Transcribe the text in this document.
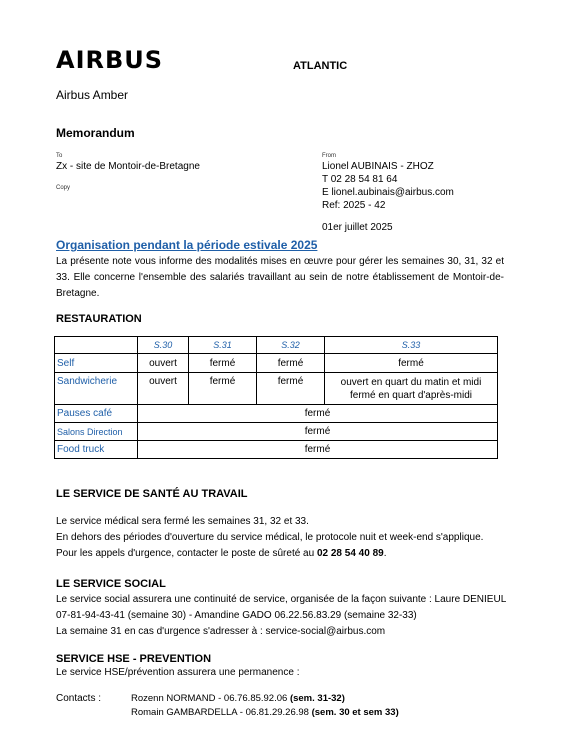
AIRBUS	ATLANTIC
Airbus Amber
Memorandum
To
Zx - site de Montoir-de-Bretagne
Copy
From
Lionel AUBINAIS - ZHOZ
T 02 28 54 81 64
E lionel.aubinais@airbus.com
Ref: 2025 - 42
01er juillet 2025
Organisation pendant la période estivale 2025
La présente note vous informe des modalités mises en œuvre pour gérer les semaines 30, 31, 32 et 33. Elle concerne l'ensemble des salariés travaillant au sein de notre établissement de Montoir-de-Bretagne.
RESTAURATION
	S.30	S.31	S.32	S.33
Self	ouvert	fermé	fermé	fermé
Sandwicherie	ouvert	fermé	fermé	ouvert en quart du matin et midi
fermé en quart d'après-midi

Pauses café	fermé			
Salons Direction	fermé			
Food truck	fermé			
LE SERVICE DE SANTÉ AU TRAVAIL
Le service médical sera fermé les semaines 31, 32 et 33.
En dehors des périodes d'ouverture du service médical, le protocole nuit et week-end s'applique.
Pour les appels d'urgence, contacter le poste de sûreté au 02 28 54 40 89.
LE SERVICE SOCIAL
Le service social assurera une continuité de service, organisée de la façon suivante : Laure DENIEUL
07-81-94-43-41 (semaine 30) - Amandine GADO 06.22.56.83.29 (semaine 32-33)
La semaine 31 en cas d'urgence s'adresser à : service-social@airbus.com
SERVICE HSE - PREVENTION
Le service HSE/prévention assurera une permanence :
Contacts :	Rozenn NORMAND - 06.76.85.92.06 (sem. 31-32)
Romain GAMBARDELLA - 06.81.29.26.98 (sem. 30 et sem 33)
